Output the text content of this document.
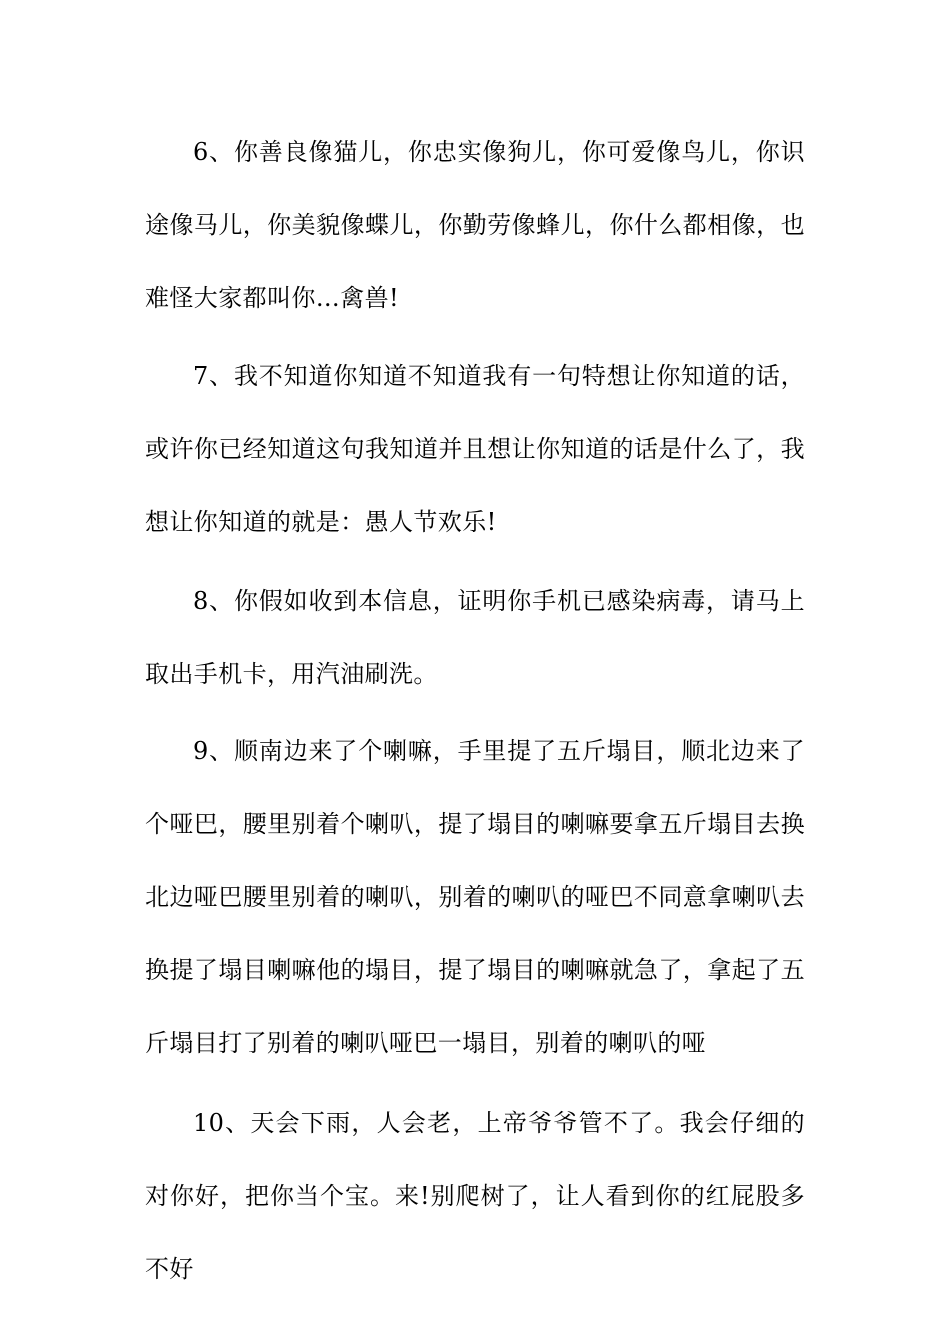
6、你善良像猫儿，你忠实像狗儿，你可爱像鸟儿，你识途像马儿，你美貌像蝶儿，你勤劳像蜂儿，你什么都相像，也难怪大家都叫你…禽兽!

7、我不知道你知道不知道我有一句特想让你知道的话，或许你已经知道这句我知道并且想让你知道的话是什么了，我想让你知道的就是：愚人节欢乐!

8、你假如收到本信息，证明你手机已感染病毒，请马上取出手机卡，用汽油刷洗。

9、顺南边来了个喇嘛，手里提了五斤塌目，顺北边来了个哑巴，腰里别着个喇叭，提了塌目的喇嘛要拿五斤塌目去换北边哑巴腰里别着的喇叭，别着的喇叭的哑巴不同意拿喇叭去换提了塌目喇嘛他的塌目，提了塌目的喇嘛就急了，拿起了五斤塌目打了别着的喇叭哑巴一塌目，别着的喇叭的哑

10、天会下雨，人会老，上帝爷爷管不了。我会仔细的对你好，把你当个宝。来!别爬树了，让人看到你的红屁股多不好
